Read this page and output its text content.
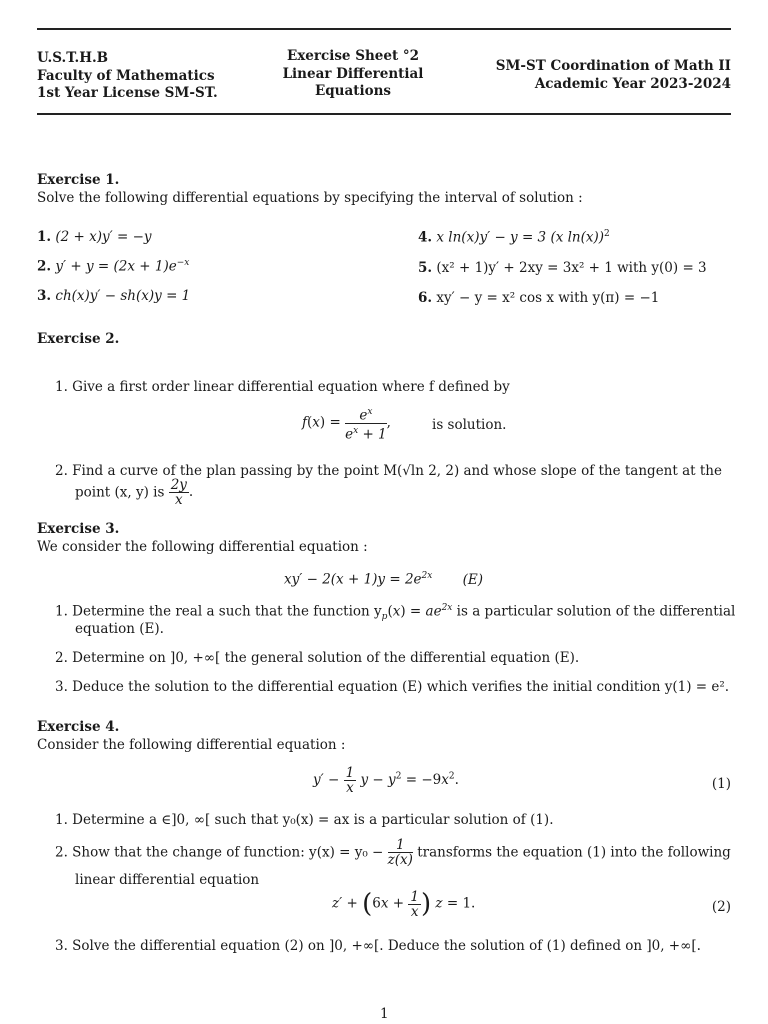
U.S.T.H.B
Faculty of Mathematics
1st Year License SM-ST.
Exercise Sheet °2
Linear Differential
Equations
SM-ST Coordination of Math II
Academic Year 2023-2024
Exercise 1.
Solve the following differential equations by specifying the interval of solution :
1. (2 + x)y′ = −y
2. $y' + y = (2x + 1)e^{-x}$
3. ch(x)y′ − sh(x)y = 1
4. x ln(x)y′ − y = 3 (x ln(x))$^2$
5. (x² + 1)y′ + 2xy = 3x² + 1 with y(0) = 3
6. xy′ − y = x² cos x with y(π) = −1
Exercise 2.
1. Give a first order linear differential equation where f defined by
$f(x) = \frac{e^x}{e^x + 1}$ ,	is solution.
2. Find a curve of the plan passing by the point M(√ln 2, 2) and whose slope of the tangent at the
point (x, y) is $\frac{2y}{x}$ .
Exercise 3.
We consider the following differential equation :
$xy' - 2(x + 1)y = 2e^{2x}$ (E)
1. Determine the real a such that the function $y_p(x) = ae^{2x}$ is a particular solution of the differential
equation (E).
2. Determine on ]0, +∞[ the general solution of the differential equation (E).
3. Deduce the solution to the differential equation (E) which verifies the initial condition y(1) = e².
Exercise 4.
Consider the following differential equation :
$y' - \frac{1}{x}$ $y - y^2 = -9x^2$.	(1)
1. Determine a ∈]0, ∞[ such that y₀(x) = ax is a particular solution of (1).
2. Show that the change of function: $y(x) = y_0 - \frac{1}{z(x)}$ transforms the equation (1) into the following
linear differential equation
$z' + (6x + \frac{1}{x}$ ) z = 1.	(2)
3. Solve the differential equation (2) on ]0, +∞[. Deduce the solution of (1) defined on ]0, +∞[.
1
